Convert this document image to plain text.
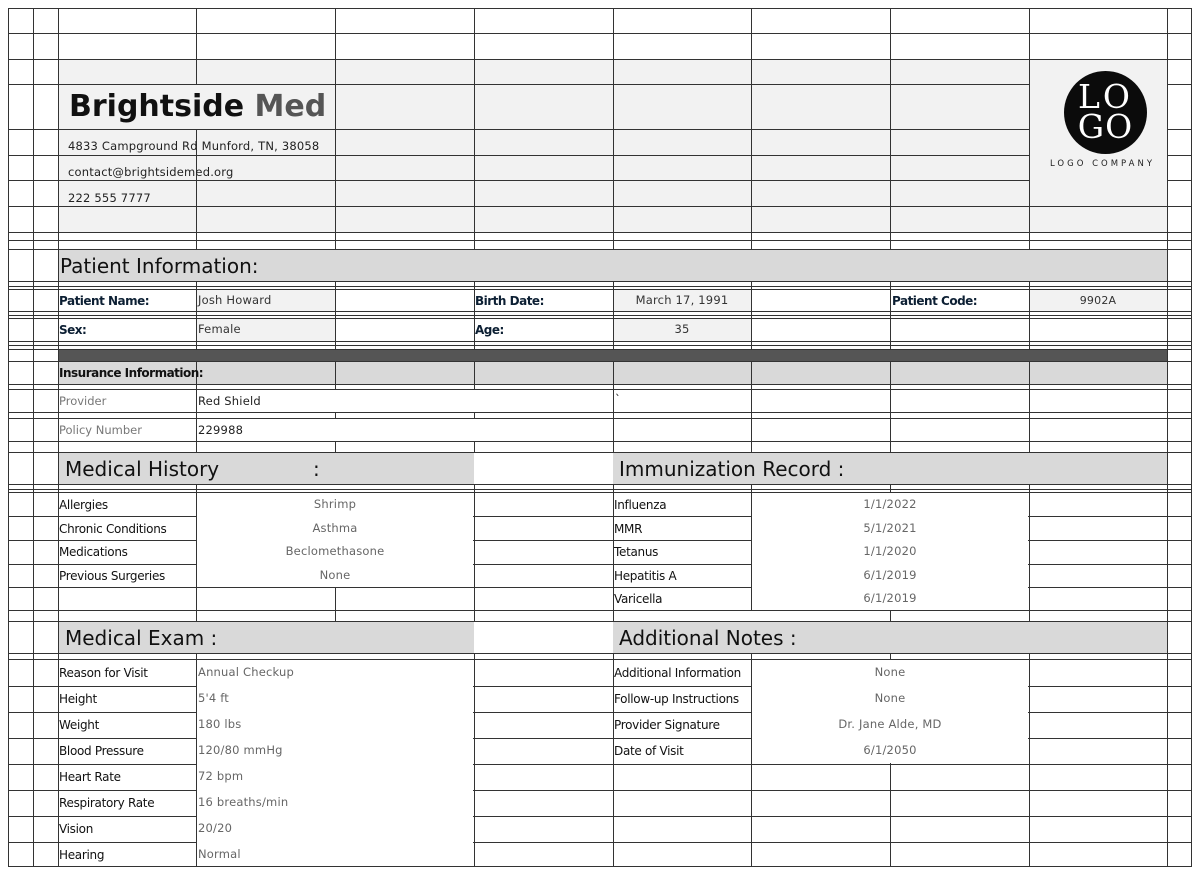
Brightside Med
4833 Campground Rd Munford, TN, 38058
contact@brightsidemed.org
222 555 7777
LO
GO
LOGO COMPANY
Patient Information:
Patient Name:	Josh Howard	Birth Date:	March 17, 1991	Patient Code:	9902A
Sex:	Female	Age:	35
Insurance Information:
Provider	Red Shield	`
Policy Number	229988
Medical History	:
Allergies	Shrimp
Chronic Conditions	Asthma
Medications	Beclomethasone
Previous Surgeries	None
Immunization Record :
Influenza	1/1/2022
MMR	5/1/2021
Tetanus	1/1/2020
Hepatitis A	6/1/2019
Varicella	6/1/2019
Medical Exam :
Reason for Visit	Annual Checkup
Height	5'4 ft
Weight	180 lbs
Blood Pressure	120/80 mmHg
Heart Rate	72 bpm
Respiratory Rate	16 breaths/min
Vision	20/20
Hearing	Normal
Additional Notes :
Additional Information	None
Follow-up Instructions	None
Provider Signature	Dr. Jane Alde, MD
Date of Visit	6/1/2050
